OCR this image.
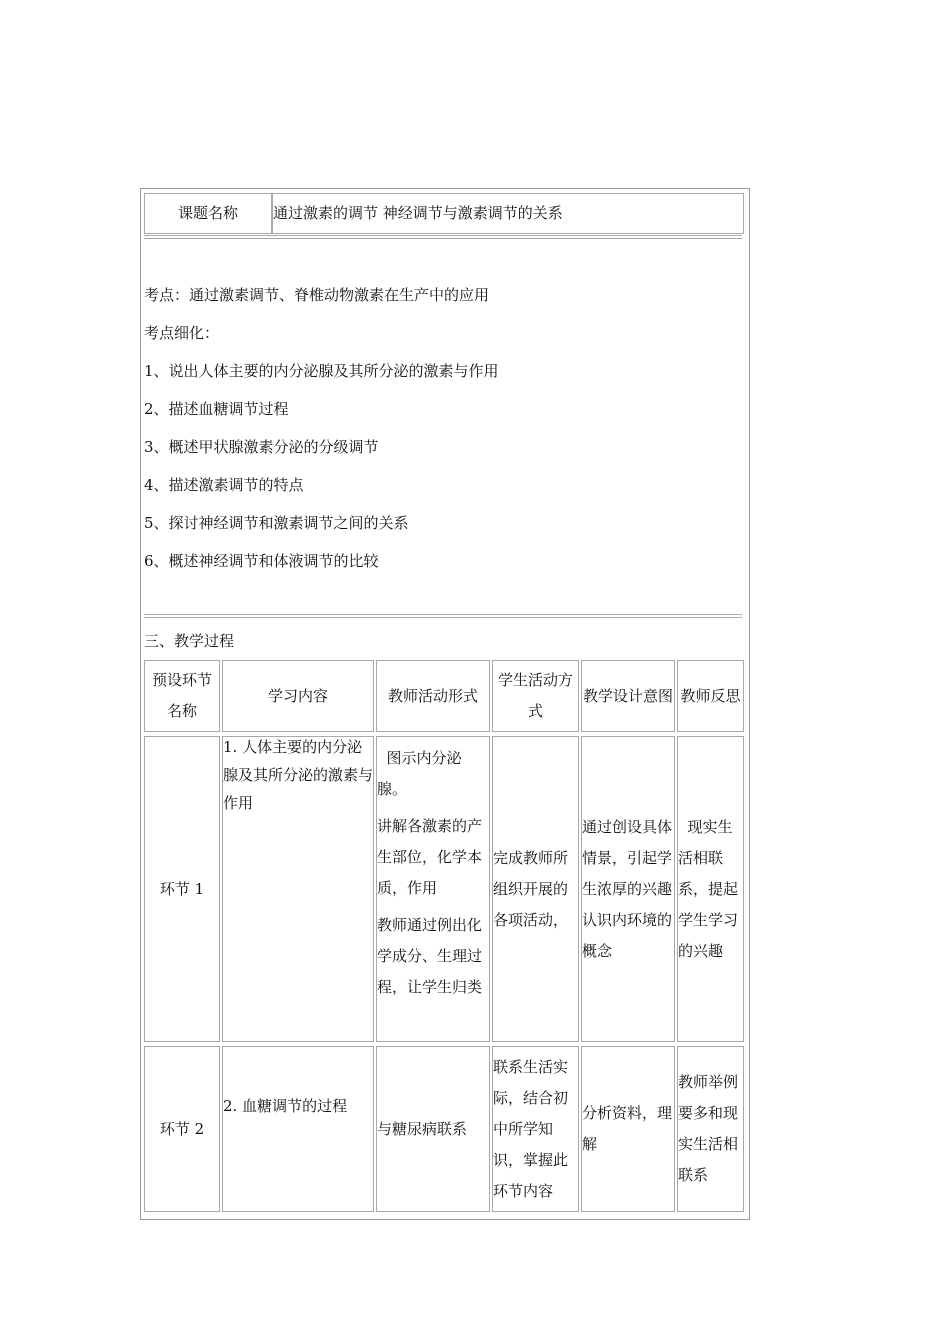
课题名称 通过激素的调节 神经调节与激素调节的关系
考点：通过激素调节、脊椎动物激素在生产中的应用
考点细化：
1、说出人体主要的内分泌腺及其所分泌的激素与作用
2、描述血糖调节过程
3、概述甲状腺激素分泌的分级调节
4、描述激素调节的特点
5、探讨神经调节和激素调节之间的关系
6、概述神经调节和体液调节的比较
三、教学过程
预设环节名称
学习内容	教师活动形式
学生活动方式
教学设计意图 教师反思
环节 1
1. 人体主要的内分泌腺及其所分泌的激素与作用

图示内分泌腺。

讲解各激素的产生部位，化学本质，作用

教师通过例出化学成分、生理过程，让学生归类

完成教师所组织开展的各项活动，
通过创设具体情景，引起学生浓厚的兴趣认识内环境的概念
现实生活相联系，提起学生学习的兴趣
环节 2
2. 血糖调节的过程
与糖尿病联系
联系生活实际，结合初中所学知识，掌握此环节内容
分析资料，理解
教师举例要多和现实生活相联系
